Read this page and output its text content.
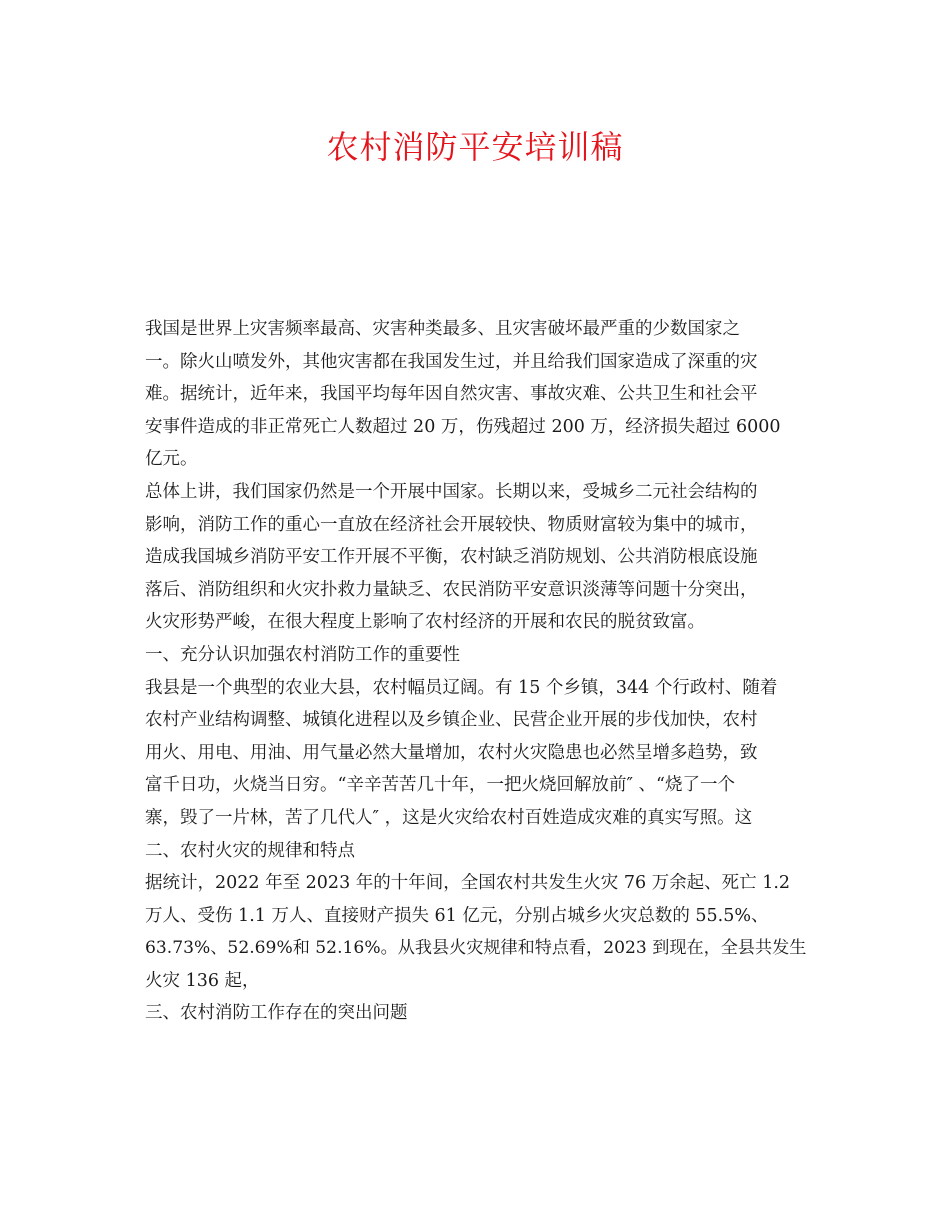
农村消防平安培训稿
我国是世界上灾害频率最高、灾害种类最多、且灾害破坏最严重的少数国家之
一。除火山喷发外，其他灾害都在我国发生过，并且给我们国家造成了深重的灾
难。据统计，近年来，我国平均每年因自然灾害、事故灾难、公共卫生和社会平
安事件造成的非正常死亡人数超过 20 万，伤残超过 200 万，经济损失超过 6000
亿元。
总体上讲，我们国家仍然是一个开展中国家。长期以来，受城乡二元社会结构的
影响，消防工作的重心一直放在经济社会开展较快、物质财富较为集中的城市，
造成我国城乡消防平安工作开展不平衡，农村缺乏消防规划、公共消防根底设施
落后、消防组织和火灾扑救力量缺乏、农民消防平安意识淡薄等问题十分突出，
火灾形势严峻，在很大程度上影响了农村经济的开展和农民的脱贫致富。
一、充分认识加强农村消防工作的重要性
我县是一个典型的农业大县，农村幅员辽阔。有 15 个乡镇，344 个行政村、随着
农村产业结构调整、城镇化进程以及乡镇企业、民营企业开展的步伐加快，农村
用火、用电、用油、用气量必然大量增加，农村火灾隐患也必然呈增多趋势，致
富千日功，火烧当日穷。“辛辛苦苦几十年，一把火烧回解放前″ 、“烧了一个
寨，毁了一片林，苦了几代人″ ，这是火灾给农村百姓造成灾难的真实写照。这
二、农村火灾的规律和特点
据统计，2022 年至 2023 年的十年间，全国农村共发生火灾 76 万余起、死亡 1.2
万人、受伤 1.1 万人、直接财产损失 61 亿元，分别占城乡火灾总数的 55.5%、
63.73%、52.69%和 52.16%。从我县火灾规律和特点看，2023 到现在，全县共发生
火灾 136 起，
三、农村消防工作存在的突出问题
